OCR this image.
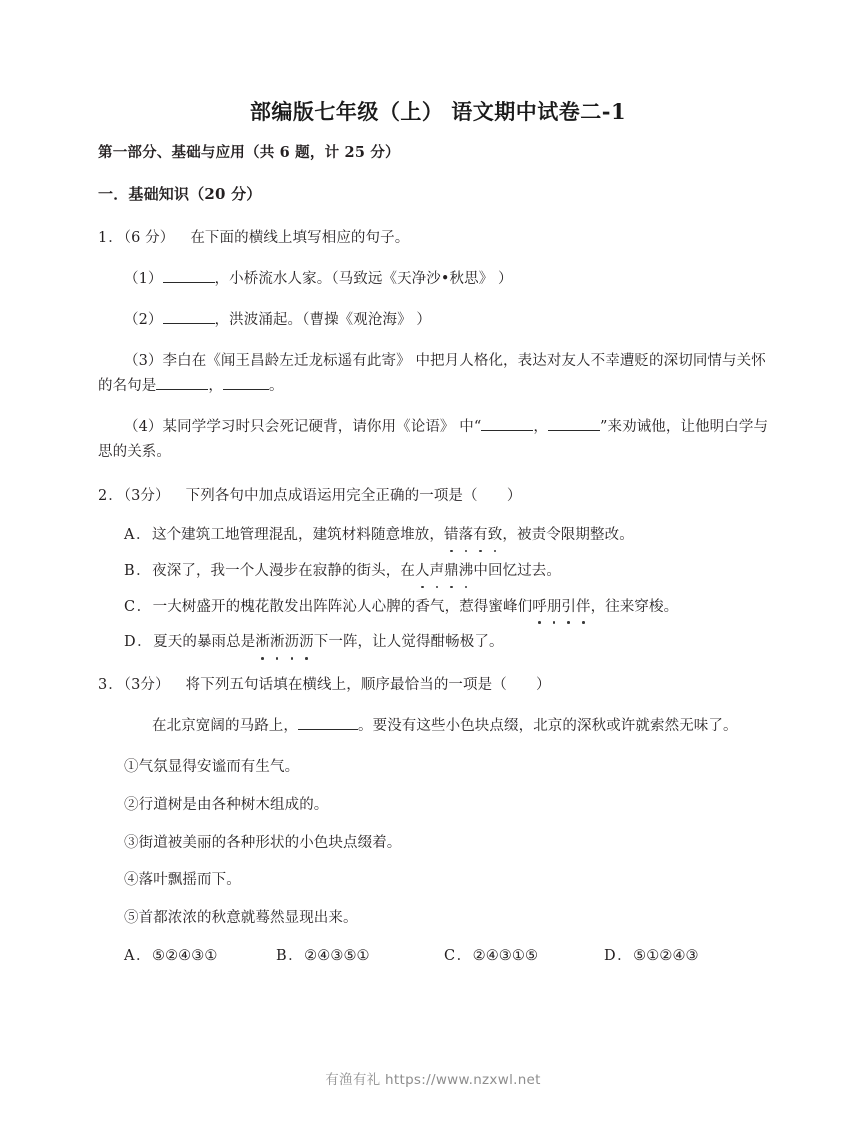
部编版七年级（上） 语文期中试卷二-1
第一部分、基础与应用（共 6 题，计 25 分）
一．基础知识（20 分）
1．（6 分） 在下面的横线上填写相应的句子。
（1）	，小桥流水人家。（马致远《天净沙•秋思》 ）
（2）	，洪波涌起。（曹操《观沧海》 ）
（3）李白在《闻王昌龄左迁龙标遥有此寄》 中把月人格化，表达对友人不幸遭贬的深切同情与关怀的名句是	，	。
（4）某同学学习时只会死记硬背，请你用《论语》 中“	，	”来劝诫他，让他明白学与思的关系。
2．（3分） 下列各句中加点成语运用完全正确的一项是（　　）
A．这个建筑工地管理混乱，建筑材料随意堆放，错落有致
，被责令限期整改。
B．夜深了，我一个人漫步在寂静的街头，在人声鼎沸
中回忆过去。
C．一大树盛开的槐花散发出阵阵沁人心脾的香气，惹得蜜峰们呼朋引伴
，往来穿梭。
D．夏天的暴雨总是淅淅沥沥
下一阵，让人觉得酣畅极了。
3．（3分） 将下列五句话填在横线上，顺序最恰当的一项是（　　）
在北京宽阔的马路上，	。要没有这些小色块点缀，北京的深秋或许就索然无味了。
①气氛显得安谧而有生气。
②行道树是由各种树木组成的。
③街道被美丽的各种形状的小色块点缀着。
④落叶飘摇而下。
⑤首都浓浓的秋意就蓦然显现出来。
A．⑤②④③①	B．②④③⑤①	C．②④③①⑤	D．⑤①②④③
有渔有礼 https://www.nzxwl.net
